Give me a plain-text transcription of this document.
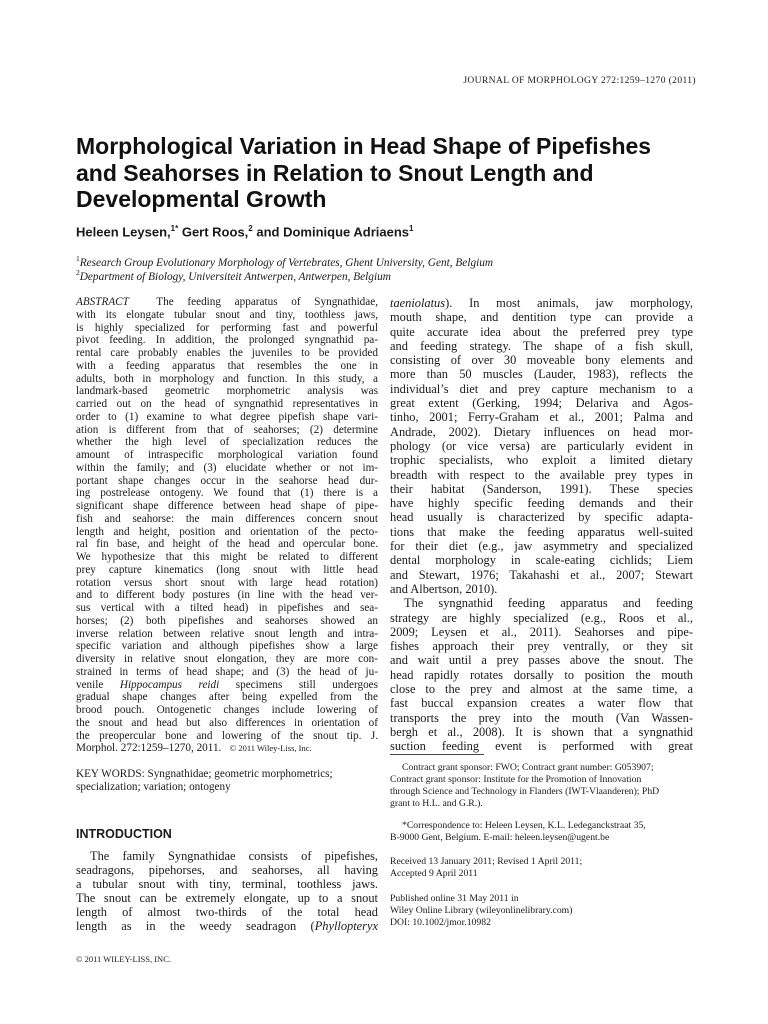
JOURNAL OF MORPHOLOGY 272:1259–1270 (2011)
Morphological Variation in Head Shape of Pipefishes
and Seahorses in Relation to Snout Length and
Developmental Growth
Heleen Leysen,$^{1*}$ Gert Roos,$^2$ and Dominique Adriaens$^1$
$^1$Research Group Evolutionary Morphology of Vertebrates, Ghent University, Gent, Belgium
$^2$Department of Biology, Universiteit Antwerpen, Antwerpen, Belgium
ABSTRACT The feeding apparatus of Syngnathidae,
with its elongate tubular snout and tiny, toothless jaws,
is highly specialized for performing fast and powerful
pivot feeding. In addition, the prolonged syngnathid pa-
rental care probably enables the juveniles to be provided
with a feeding apparatus that resembles the one in
adults, both in morphology and function. In this study, a
landmark-based geometric morphometric analysis was
carried out on the head of syngnathid representatives in
order to (1) examine to what degree pipefish shape vari-
ation is different from that of seahorses; (2) determine
whether the high level of specialization reduces the
amount of intraspecific morphological variation found
within the family; and (3) elucidate whether or not im-
portant shape changes occur in the seahorse head dur-
ing postrelease ontogeny. We found that (1) there is a
significant shape difference between head shape of pipe-
fish and seahorse: the main differences concern snout
length and height, position and orientation of the pecto-
ral fin base, and height of the head and opercular bone.
We hypothesize that this might be related to different
prey capture kinematics (long snout with little head
rotation versus short snout with large head rotation)
and to different body postures (in line with the head ver-
sus vertical with a tilted head) in pipefishes and sea-
horses; (2) both pipefishes and seahorses showed an
inverse relation between relative snout length and intra-
specific variation and although pipefishes show a large
diversity in relative snout elongation, they are more con-
strained in terms of head shape; and (3) the head of ju-
venile Hippocampus reidi specimens still undergoes
gradual shape changes after being expelled from the
brood pouch. Ontogenetic changes include lowering of
the snout and head but also differences in orientation of
the preopercular bone and lowering of the snout tip. J.
Morphol. 272:1259–1270, 2011. © 2011 Wiley-Liss, Inc.
KEY WORDS: Syngnathidae; geometric morphometrics;
specialization; variation; ontogeny
INTRODUCTION
The family Syngnathidae consists of pipefishes,
seadragons, pipehorses, and seahorses, all having
a tubular snout with tiny, terminal, toothless jaws.
The snout can be extremely elongate, up to a snout
length of almost two-thirds of the total head
length as in the weedy seadragon (Phyllopteryx
taeniolatus). In most animals, jaw morphology,
mouth shape, and dentition type can provide a
quite accurate idea about the preferred prey type
and feeding strategy. The shape of a fish skull,
consisting of over 30 moveable bony elements and
more than 50 muscles (Lauder, 1983), reflects the
individual’s diet and prey capture mechanism to a
great extent (Gerking, 1994; Delariva and Agos-
tinho, 2001; Ferry-Graham et al., 2001; Palma and
Andrade, 2002). Dietary influences on head mor-
phology (or vice versa) are particularly evident in
trophic specialists, who exploit a limited dietary
breadth with respect to the available prey types in
their habitat (Sanderson, 1991). These species
have highly specific feeding demands and their
head usually is characterized by specific adapta-
tions that make the feeding apparatus well-suited
for their diet (e.g., jaw asymmetry and specialized
dental morphology in scale-eating cichlids; Liem
and Stewart, 1976; Takahashi et al., 2007; Stewart
and Albertson, 2010).
The syngnathid feeding apparatus and feeding
strategy are highly specialized (e.g., Roos et al.,
2009; Leysen et al., 2011). Seahorses and pipe-
fishes approach their prey ventrally, or they sit
and wait until a prey passes above the snout. The
head rapidly rotates dorsally to position the mouth
close to the prey and almost at the same time, a
fast buccal expansion creates a water flow that
transports the prey into the mouth (Van Wassen-
bergh et al., 2008). It is shown that a syngnathid
suction feeding event is performed with great
Contract grant sponsor: FWO; Contract grant number: G053907;
Contract grant sponsor: Institute for the Promotion of Innovation
through Science and Technology in Flanders (IWT-Vlaanderen); PhD
grant to H.L. and G.R.).
*Correspondence to: Heleen Leysen, K.L. Ledeganckstraat 35,
B-9000 Gent, Belgium. E-mail: heleen.leysen@ugent.be
Received 13 January 2011; Revised 1 April 2011;
Accepted 9 April 2011
Published online 31 May 2011 in
Wiley Online Library (wileyonlinelibrary.com)
DOI: 10.1002/jmor.10982
© 2011 WILEY-LISS, INC.
